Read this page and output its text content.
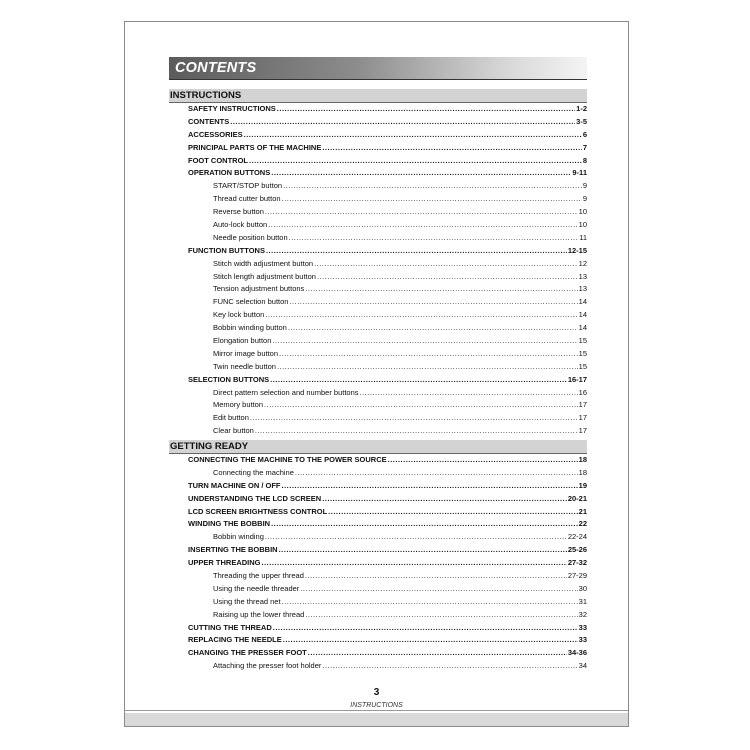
CONTENTS
INSTRUCTIONS
SAFETY INSTRUCTIONS .....	1-2
CONTENTS .....	3-5
ACCESSORIES .....	6
PRINCIPAL PARTS OF THE MACHINE .....	7
FOOT CONTROL .....	8
OPERATION BUTTONS .....	9-11
START/STOP button .....	9
Thread cutter button .....	9
Reverse button .....	10
Auto-lock button .....	10
Needle position button .....	11
FUNCTION BUTTONS .....	12-15
Stitch width adjustment button .....	12
Stitch length adjustment button .....	13
Tension adjustment buttons .....	13
FUNC selection button .....	14
Key lock button .....	14
Bobbin winding button .....	14
Elongation button .....	15
Mirror image button .....	15
Twin needle button .....	15
SELECTION BUTTONS .....	16-17
Direct pattern selection and number buttons .....	16
Memory button .....	17
Edit button .....	17
Clear button .....	17
GETTING READY
CONNECTING THE MACHINE TO THE POWER SOURCE .....	18
Connecting the machine .....	18
TURN MACHINE ON / OFF .....	19
UNDERSTANDING THE LCD SCREEN .....	20-21
LCD SCREEN BRIGHTNESS CONTROL .....	21
WINDING THE BOBBIN .....	22
Bobbin winding .....	22-24
INSERTING THE BOBBIN .....	25-26
UPPER THREADING .....	27-32
Threading the upper thread .....	27-29
Using the needle threader .....	30
Using the thread net .....	31
Raising up the lower thread .....	32
CUTTING THE THREAD .....	33
REPLACING THE NEEDLE .....	33
CHANGING THE PRESSER FOOT .....	34-36
Attaching the presser foot holder .....	34
3
INSTRUCTIONS
